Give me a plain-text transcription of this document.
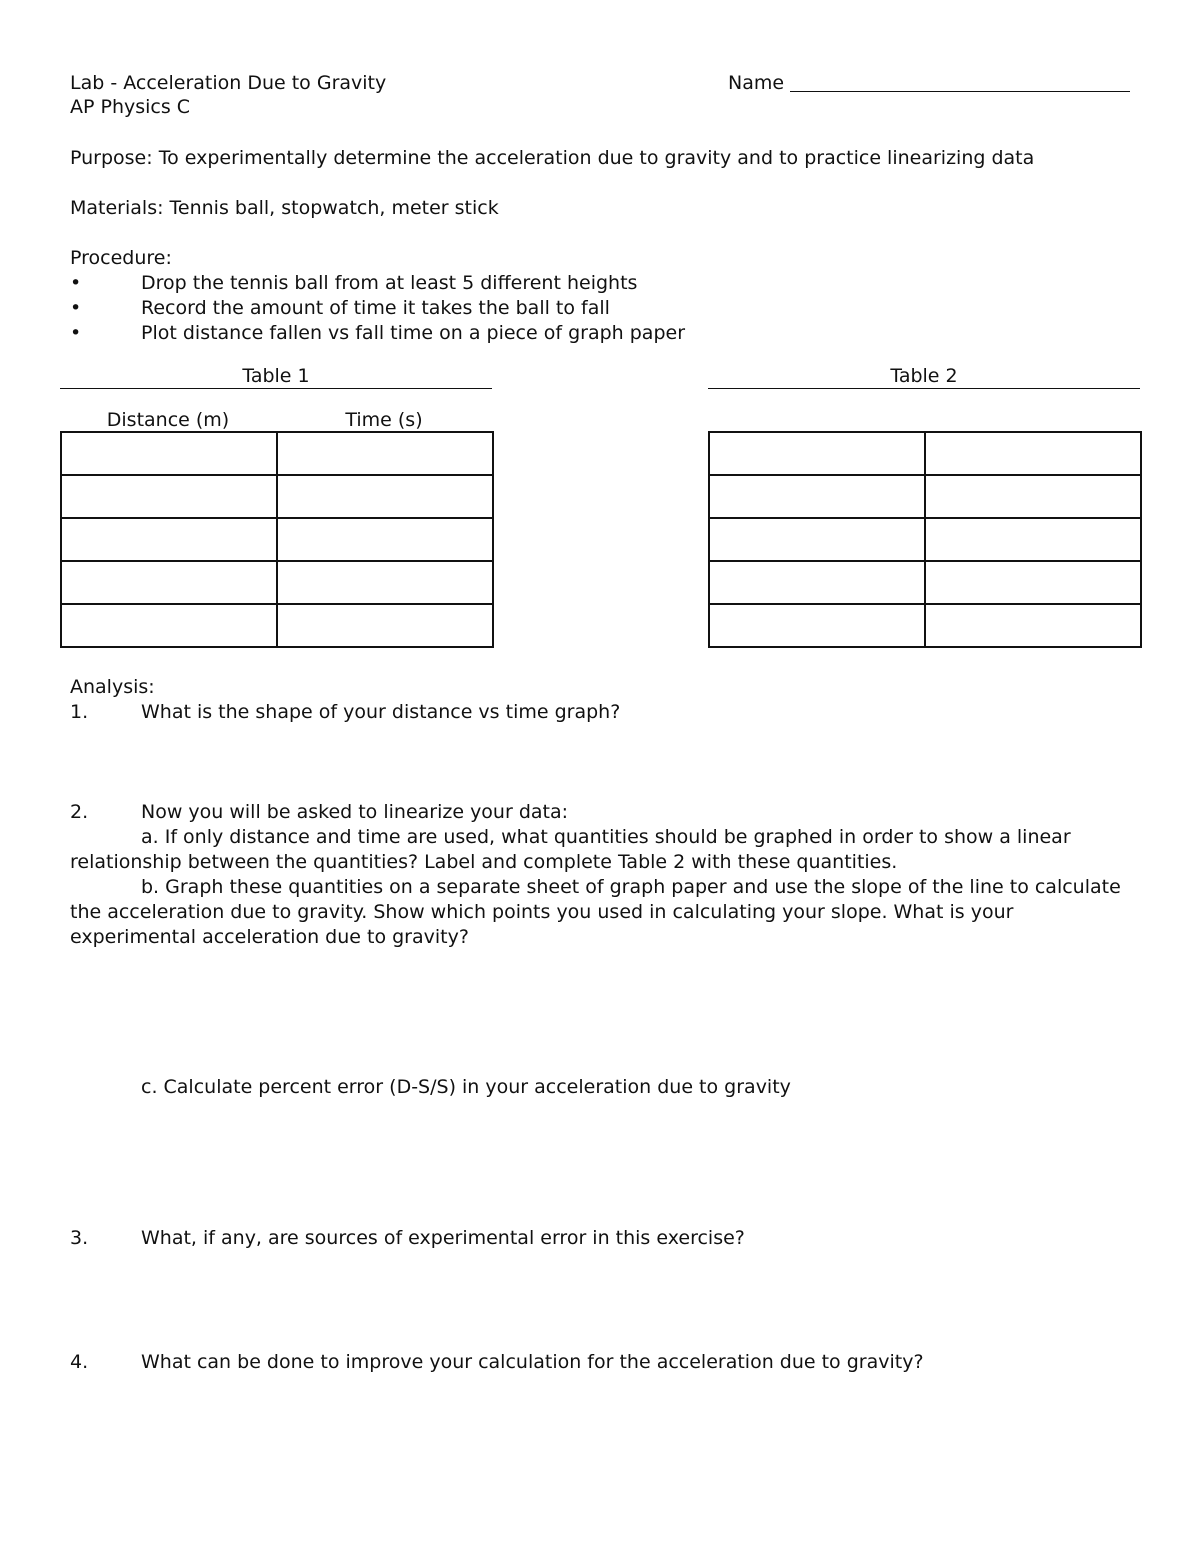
Lab - Acceleration Due to Gravity
AP Physics C
Name
Purpose: To experimentally determine the acceleration due to gravity and to practice linearizing data
Materials: Tennis ball, stopwatch, meter stick
Procedure:
•	Drop the tennis ball from at least 5 different heights
•	Record the amount of time it takes the ball to fall
•	Plot distance fallen vs fall time on a piece of graph paper
Table 1
Distance (m)	Time (s)

Table 2

Analysis:
1.	What is the shape of your distance vs time graph?
2.	Now you will be asked to linearize your data:
a. If only distance and time are used, what quantities should be graphed in order to show a linear relationship between the quantities? Label and complete Table 2 with these quantities.
b. Graph these quantities on a separate sheet of graph paper and use the slope of the line to calculate the acceleration due to gravity. Show which points you used in calculating your slope. What is your experimental acceleration due to gravity?
c. Calculate percent error (D-S/S) in your acceleration due to gravity
3.	What, if any, are sources of experimental error in this exercise?
4.	What can be done to improve your calculation for the acceleration due to gravity?
